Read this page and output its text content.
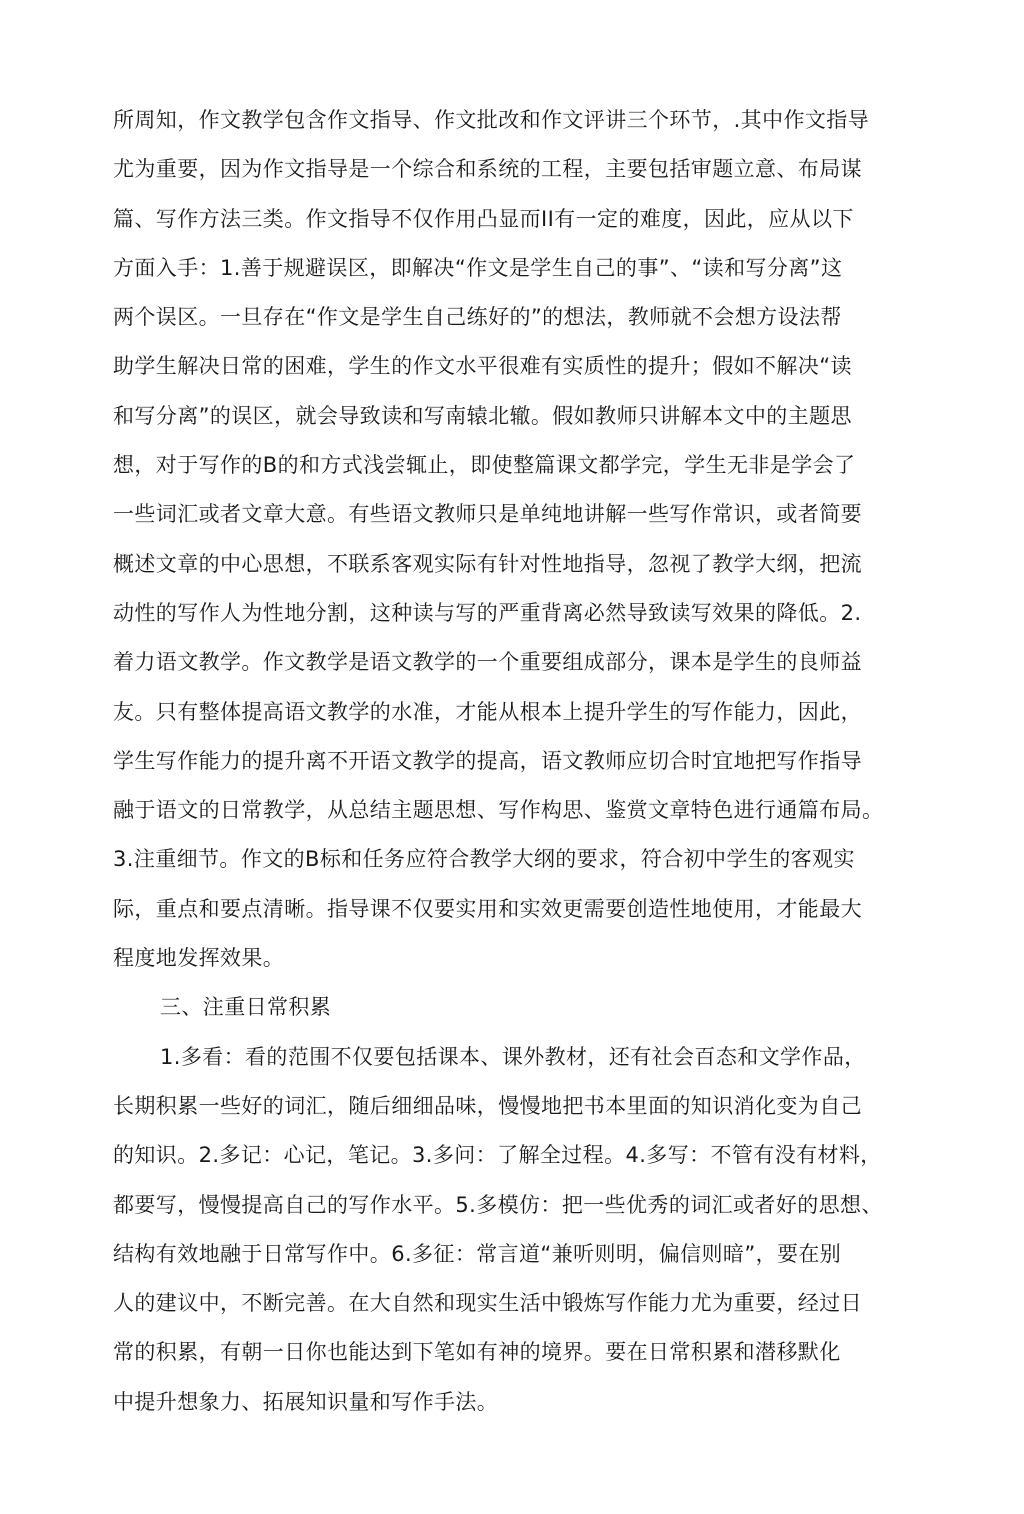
所周知，作文教学包含作文指导、作文批改和作文评讲三个环节，.其中作文指导
尤为重要，因为作文指导是一个综合和系统的工程，主要包括审题立意、布局谋
篇、写作方法三类。作文指导不仅作用凸显而II有一定的难度，因此，应从以下
方面入手：1.善于规避误区，即解决“作文是学生自己的事”、“读和写分离”这
两个误区。一旦存在“作文是学生自己练好的”的想法，教师就不会想方设法帮
助学生解决日常的困难，学生的作文水平很难有实质性的提升；假如不解决“读
和写分离”的误区，就会导致读和写南辕北辙。假如教师只讲解本文中的主题思
想，对于写作的B的和方式浅尝辄止，即使整篇课文都学完，学生无非是学会了
一些词汇或者文章大意。有些语文教师只是单纯地讲解一些写作常识，或者简要
概述文章的中心思想，不联系客观实际有针对性地指导，忽视了教学大纲，把流
动性的写作人为性地分割，这种读与写的严重背离必然导致读写效果的降低。2.
着力语文教学。作文教学是语文教学的一个重要组成部分，课本是学生的良师益
友。只有整体提高语文教学的水准，才能从根本上提升学生的写作能力，因此，
学生写作能力的提升离不开语文教学的提高，语文教师应切合时宜地把写作指导
融于语文的日常教学，从总结主题思想、写作构思、鉴赏文章特色进行通篇布局。
3.注重细节。作文的B标和任务应符合教学大纲的要求，符合初中学生的客观实
际，重点和要点清晰。指导课不仅要实用和实效更需要创造性地使用，才能最大
程度地发挥效果。
三、注重日常积累
1.多看：看的范围不仅要包括课本、课外教材，还有社会百态和文学作品，
长期积累一些好的词汇，随后细细品味，慢慢地把书本里面的知识消化变为自己
的知识。2.多记：心记，笔记。3.多问：了解全过程。4.多写：不管有没有材料，
都要写，慢慢提高自己的写作水平。5.多模仿：把一些优秀的词汇或者好的思想、
结构有效地融于日常写作中。6.多征：常言道“兼听则明，偏信则暗”，要在别
人的建议中，不断完善。在大自然和现实生活中锻炼写作能力尤为重要，经过日
常的积累，有朝一日你也能达到下笔如有神的境界。要在日常积累和潜移默化
中提升想象力、拓展知识量和写作手法。
